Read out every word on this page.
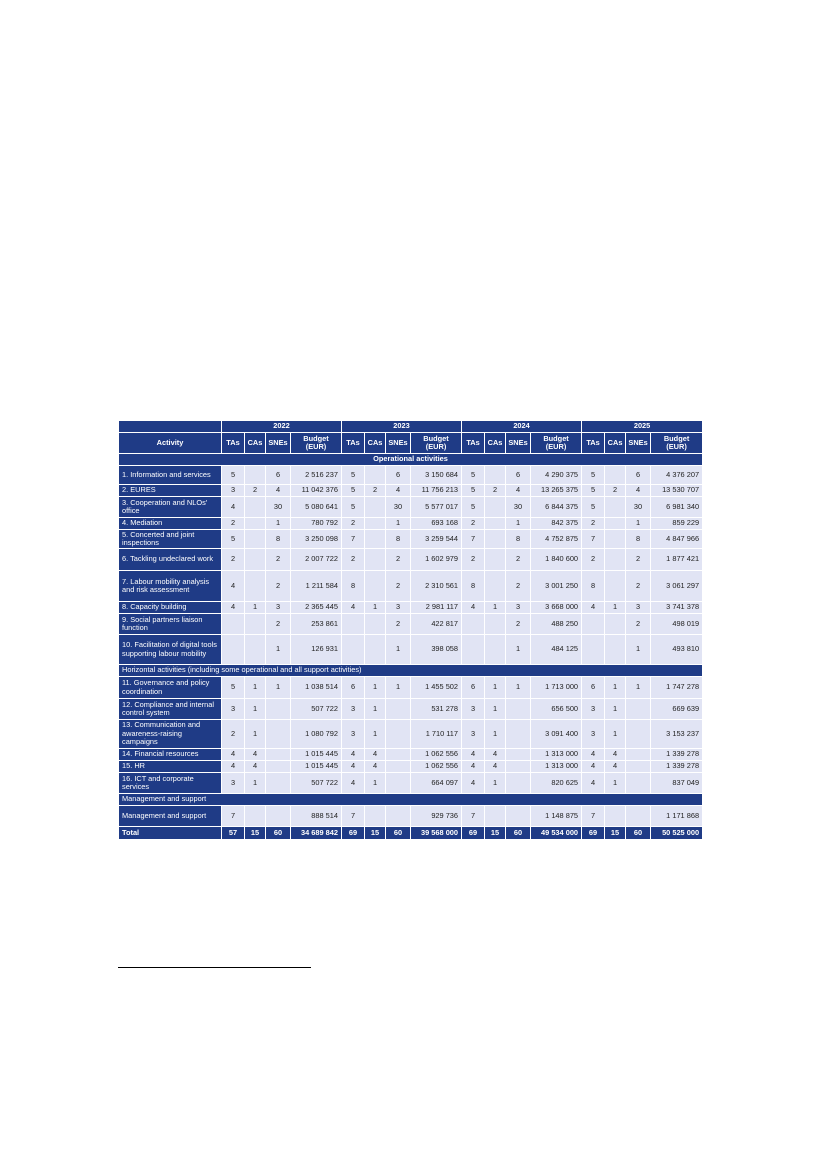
	2022				2023				2024				2025			
Activity	TAs	CAs	SNEs	Budget (EUR)	TAs	CAs	SNEs	Budget (EUR)	TAs	CAs	SNEs	Budget (EUR)	TAs	CAs	SNEs	Budget (EUR)
Operational activities																
1. Information and services	5		6	2 516 237	5		6	3 150 684	5		6	4 290 375	5		6	4 376 207
2. EURES	3	2	4	11 042 376	5	2	4	11 756 213	5	2	4	13 265 375	5	2	4	13 530 707
3. Cooperation and NLOs' office	4		30	5 080 641	5		30	5 577 017	5		30	6 844 375	5		30	6 981 340
4. Mediation	2		1	780 792	2		1	693 168	2		1	842 375	2		1	859 229
5. Concerted and joint inspections	5		8	3 250 098	7		8	3 259 544	7		8	4 752 875	7		8	4 847 966
6. Tackling undeclared work	2		2	2 007 722	2		2	1 602 979	2		2	1 840 600	2		2	1 877 421
7. Labour mobility analysis and risk assessment	4		2	1 211 584	8		2	2 310 561	8		2	3 001 250	8		2	3 061 297
8. Capacity building	4	1	3	2 365 445	4	1	3	2 981 117	4	1	3	3 668 000	4	1	3	3 741 378
9. Social partners liaison function			2	253 861			2	422 817			2	488 250			2	498 019
10. Facilitation of digital tools supporting labour mobility			1	126 931			1	398 058			1	484 125			1	493 810
Horizontal activities (including some operational and all support activities)																
11. Governance and policy coordination	5	1	1	1 038 514	6	1	1	1 455 502	6	1	1	1 713 000	6	1	1	1 747 278
12. Compliance and internal control system	3	1		507 722	3	1		531 278	3	1		656 500	3	1		669 639
13. Communication and awareness-raising campaigns	2	1		1 080 792	3	1		1 710 117	3	1		3 091 400	3	1		3 153 237
14. Financial resources	4	4		1 015 445	4	4		1 062 556	4	4		1 313 000	4	4		1 339 278
15. HR	4	4		1 015 445	4	4		1 062 556	4	4		1 313 000	4	4		1 339 278
16. ICT and corporate services	3	1		507 722	4	1		664 097	4	1		820 625	4	1		837 049
Management and support																
Management and support	7			888 514	7			929 736	7			1 148 875	7			1 171 868
Total	57	15	60	34 689 842	69	15	60	39 568 000	69	15	60	49 534 000	69	15	60	50 525 000
